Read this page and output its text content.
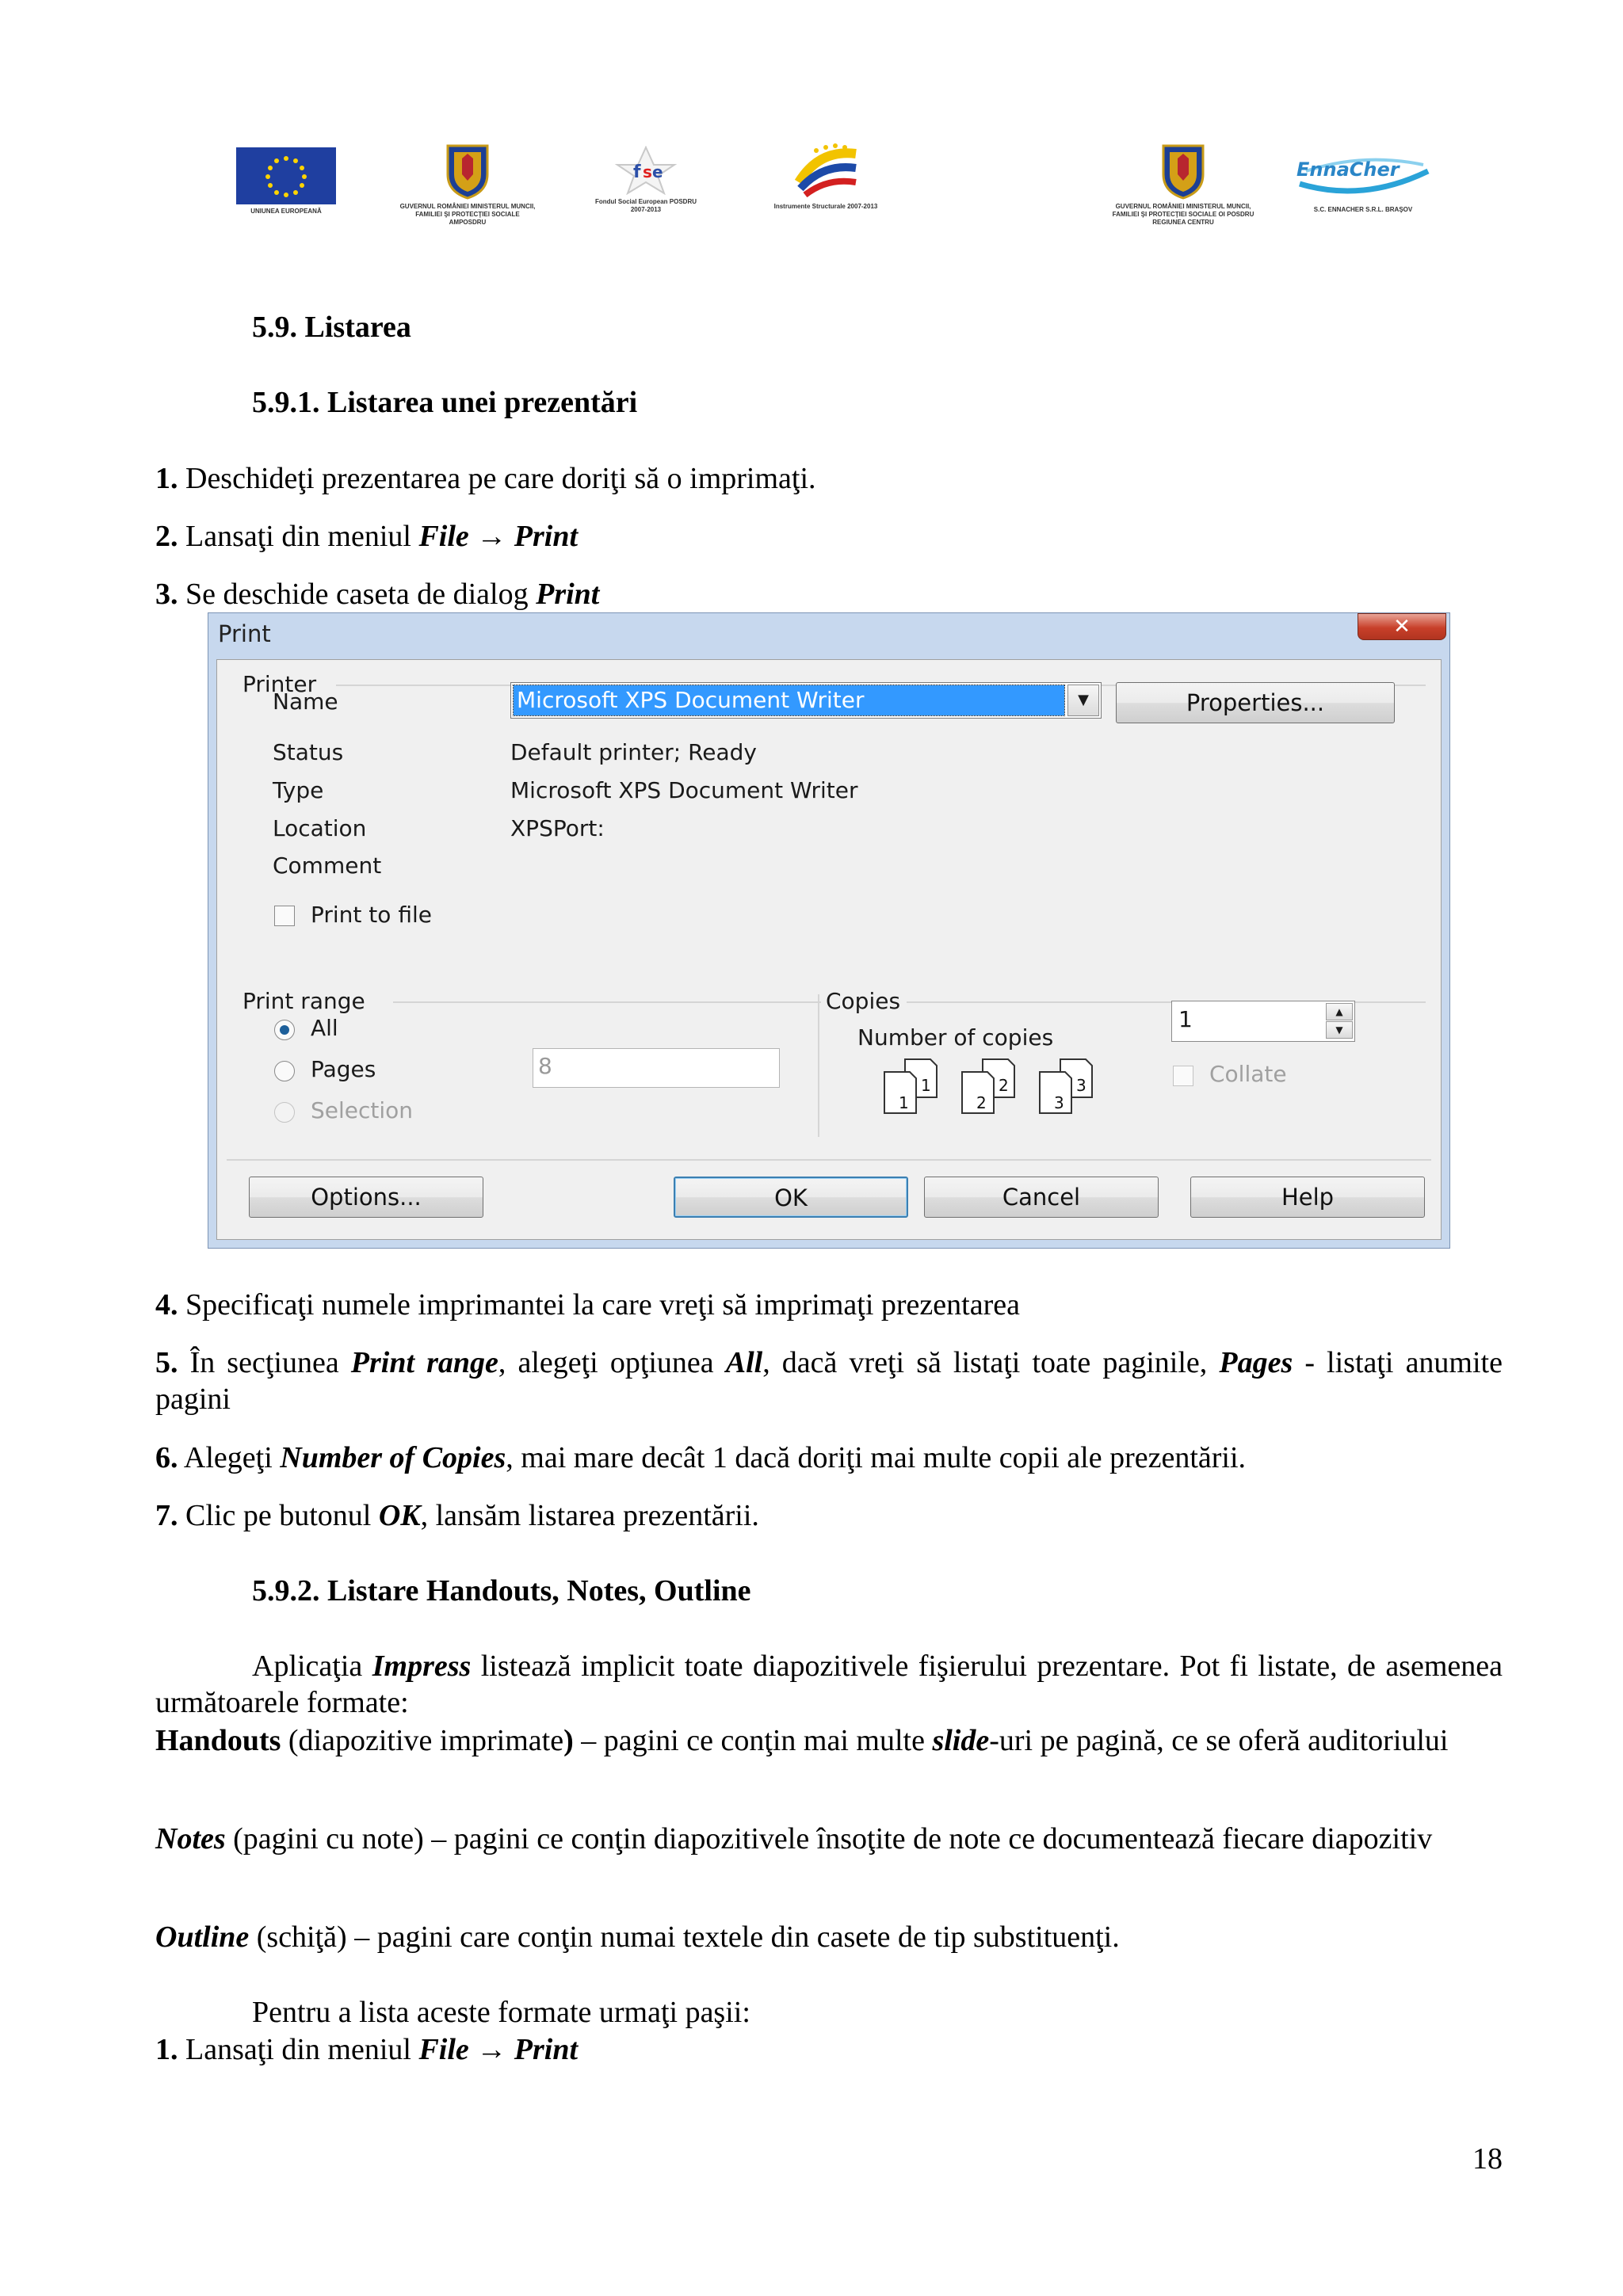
UNIUNEA EUROPEANĂ
GUVERNUL ROMÂNIEI MINISTERUL MUNCII, FAMILIEI ŞI PROTECŢIEI SOCIALE AMPOSDRU
f s e
Fondul Social European POSDRU 2007-2013	Instrumente Structurale 2007-2013	GUVERNUL ROMÂNIEI MINISTERUL MUNCII, FAMILIEI ŞI PROTECŢIEI SOCIALE OI POSDRU REGIUNEA CENTRU
EnnaCher
S.C. ENNACHER S.R.L. BRAŞOV
5.9. Listarea
5.9.1. Listarea unei prezentări
1. Deschideţi prezentarea pe care doriţi să o imprimaţi.
2. Lansaţi din meniul File → Print
3. Se deschide caseta de dialog Print
Print	✕
Printer
Name	Microsoft XPS Document Writer	▼	Properties...
Status	Default printer; Ready
Type	Microsoft XPS Document Writer
Location	XPSPort:
Comment
Print to file
Print range
All
Pages	8
Selection
Copies
Number of copies
1	▲
▼
1
1
2
2
3
3
Collate
Options...	OK	Cancel	Help
4. Specificaţi numele imprimantei la care vreţi să imprimaţi prezentarea
5. În secţiunea Print range, alegeţi opţiunea All, dacă vreţi să listaţi toate paginile, Pages - listaţi anumite pagini
6. Alegeţi Number of Copies, mai mare decât 1 dacă doriţi mai multe copii ale prezentării.
7. Clic pe butonul OK, lansăm listarea prezentării.
5.9.2. Listare Handouts, Notes, Outline
Aplicaţia Impress listează implicit toate diapozitivele fişierului prezentare. Pot fi listate, de asemenea următoarele formate:
Handouts (diapozitive imprimate) – pagini ce conţin mai multe slide-uri pe pagină, ce se oferă auditoriului
Notes (pagini cu note) – pagini ce conţin diapozitivele însoţite de note ce documentează fiecare diapozitiv
Outline (schiţă) – pagini care conţin numai textele din casete de tip substituenţi.
Pentru a lista aceste formate urmaţi paşii:
1. Lansaţi din meniul File → Print
18
